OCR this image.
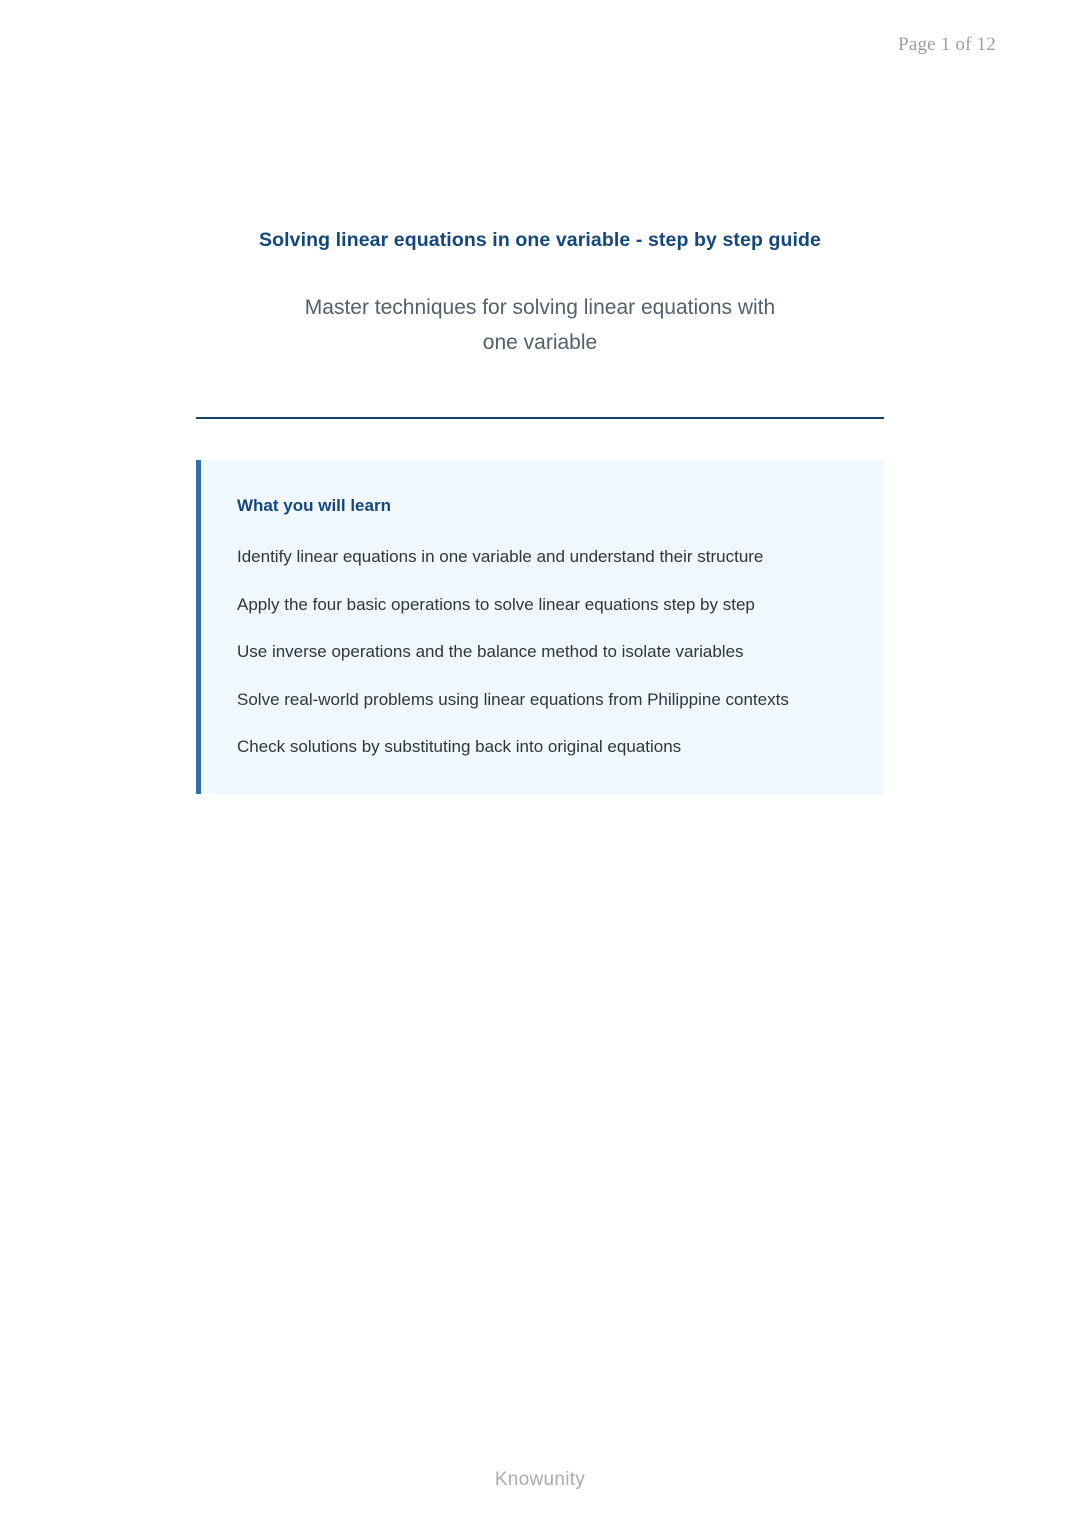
Page 1 of 12
Solving linear equations in one variable - step by step guide

Master techniques for solving linear equations with one variable

What you will learn
Identify linear equations in one variable and understand their structure
Apply the four basic operations to solve linear equations step by step
Use inverse operations and the balance method to isolate variables
Solve real-world problems using linear equations from Philippine contexts
Check solutions by substituting back into original equations
Knowunity
